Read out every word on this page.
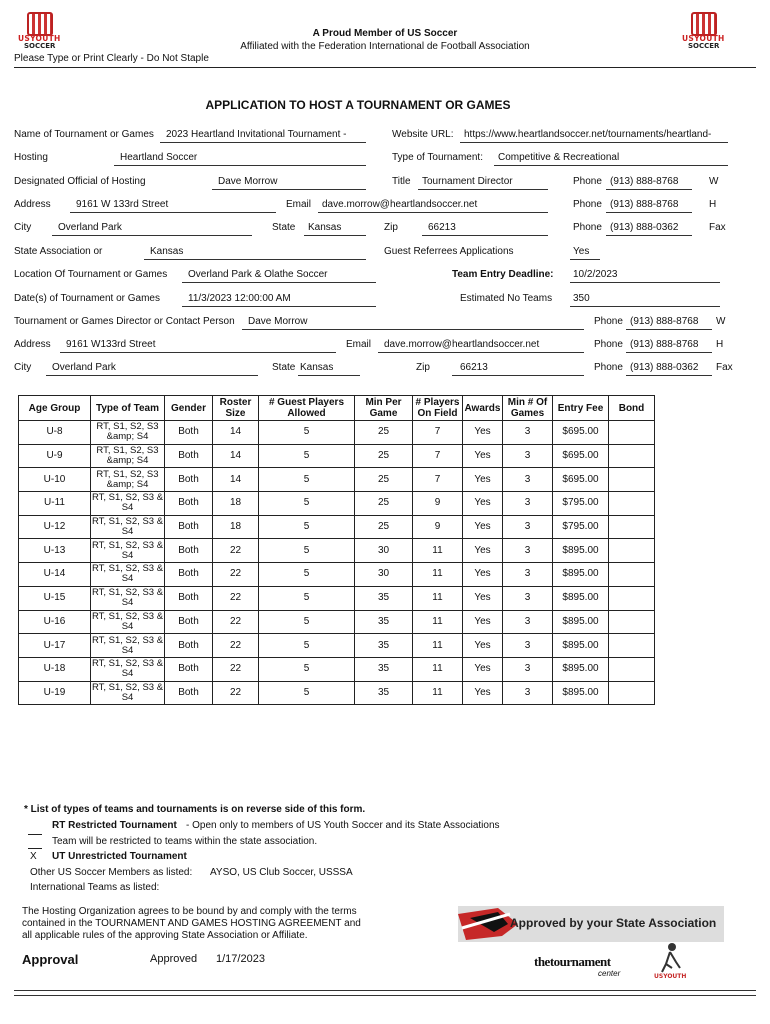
USYOUTH
SOCCER
USYOUTH
SOCCER
A Proud Member of US Soccer
Affiliated with the Federation International de Football Association
Please Type or Print Clearly - Do Not Staple
APPLICATION TO HOST A TOURNAMENT OR GAMES
Name of Tournament or Games 2023 Heartland Invitational Tournament -	Website URL: https://www.heartlandsoccer.net/tournaments/heartland-
Hosting	Heartland Soccer	Type of Tournament: Competitive & Recreational
Designated Official of Hosting	Dave Morrow	Title Tournament Director	Phone (913) 888-8768	W
Address	9161 W 133rd Street	Email dave.morrow@heartlandsoccer.net	Phone (913) 888-8768	H
City	Overland Park	State Kansas	Zip	66213	Phone (913) 888-0362	Fax
State Association or	Kansas	Guest Referrees Applications	Yes
Location Of Tournament or Games Overland Park & Olathe Soccer	Team Entry Deadline: 10/2/2023
Date(s) of Tournament or Games	11/3/2023 12:00:00 AM	Estimated No Teams 350
Tournament or Games Director or Contact Person Dave Morrow	Phone (913) 888-8768 W
Address 9161 W133rd Street	Email dave.morrow@heartlandsoccer.net	Phone (913) 888-8768 H
City Overland Park	State Kansas	Zip	66213	Phone (913) 888-0362 Fax
Age Group	Type of Team	Gender	Roster Size	# Guest Players Allowed	Min Per Game	# Players On Field	Awards	Min # Of Games	Entry Fee	Bond
U-8	RT, S1, S2, S3 &amp; S4	Both	14	5	25	7	Yes	3	$695.00	
U-9	RT, S1, S2, S3 &amp; S4	Both	14	5	25	7	Yes	3	$695.00	
U-10	RT, S1, S2, S3 &amp; S4	Both	14	5	25	7	Yes	3	$695.00	
U-11	RT, S1, S2, S3 & S4	Both	18	5	25	9	Yes	3	$795.00	
U-12	RT, S1, S2, S3 & S4	Both	18	5	25	9	Yes	3	$795.00	
U-13	RT, S1, S2, S3 & S4	Both	22	5	30	11	Yes	3	$895.00	
U-14	RT, S1, S2, S3 & S4	Both	22	5	30	11	Yes	3	$895.00	
U-15	RT, S1, S2, S3 & S4	Both	22	5	35	11	Yes	3	$895.00	
U-16	RT, S1, S2, S3 & S4	Both	22	5	35	11	Yes	3	$895.00	
U-17	RT, S1, S2, S3 & S4	Both	22	5	35	11	Yes	3	$895.00	
U-18	RT, S1, S2, S3 & S4	Both	22	5	35	11	Yes	3	$895.00	
U-19	RT, S1, S2, S3 & S4	Both	22	5	35	11	Yes	3	$895.00	
* List of types of teams and tournaments is on reverse side of this form.
RT Restricted Tournament - Open only to members of US Youth Soccer and its State Associations
Team will be restricted to teams within the state association.
X UT Unrestricted Tournament
Other US Soccer Members as listed: AYSO, US Club Soccer, USSSA
International Teams as listed:
The Hosting Organization agrees to be bound by and comply with the terms
contained in the TOURNAMENT AND GAMES HOSTING AGREEMENT and
all applicable rules of the approving State Association or Affiliate.
Approval	Approved 1/17/2023
Approved by your State Association
thetournament
center	USYOUTH
